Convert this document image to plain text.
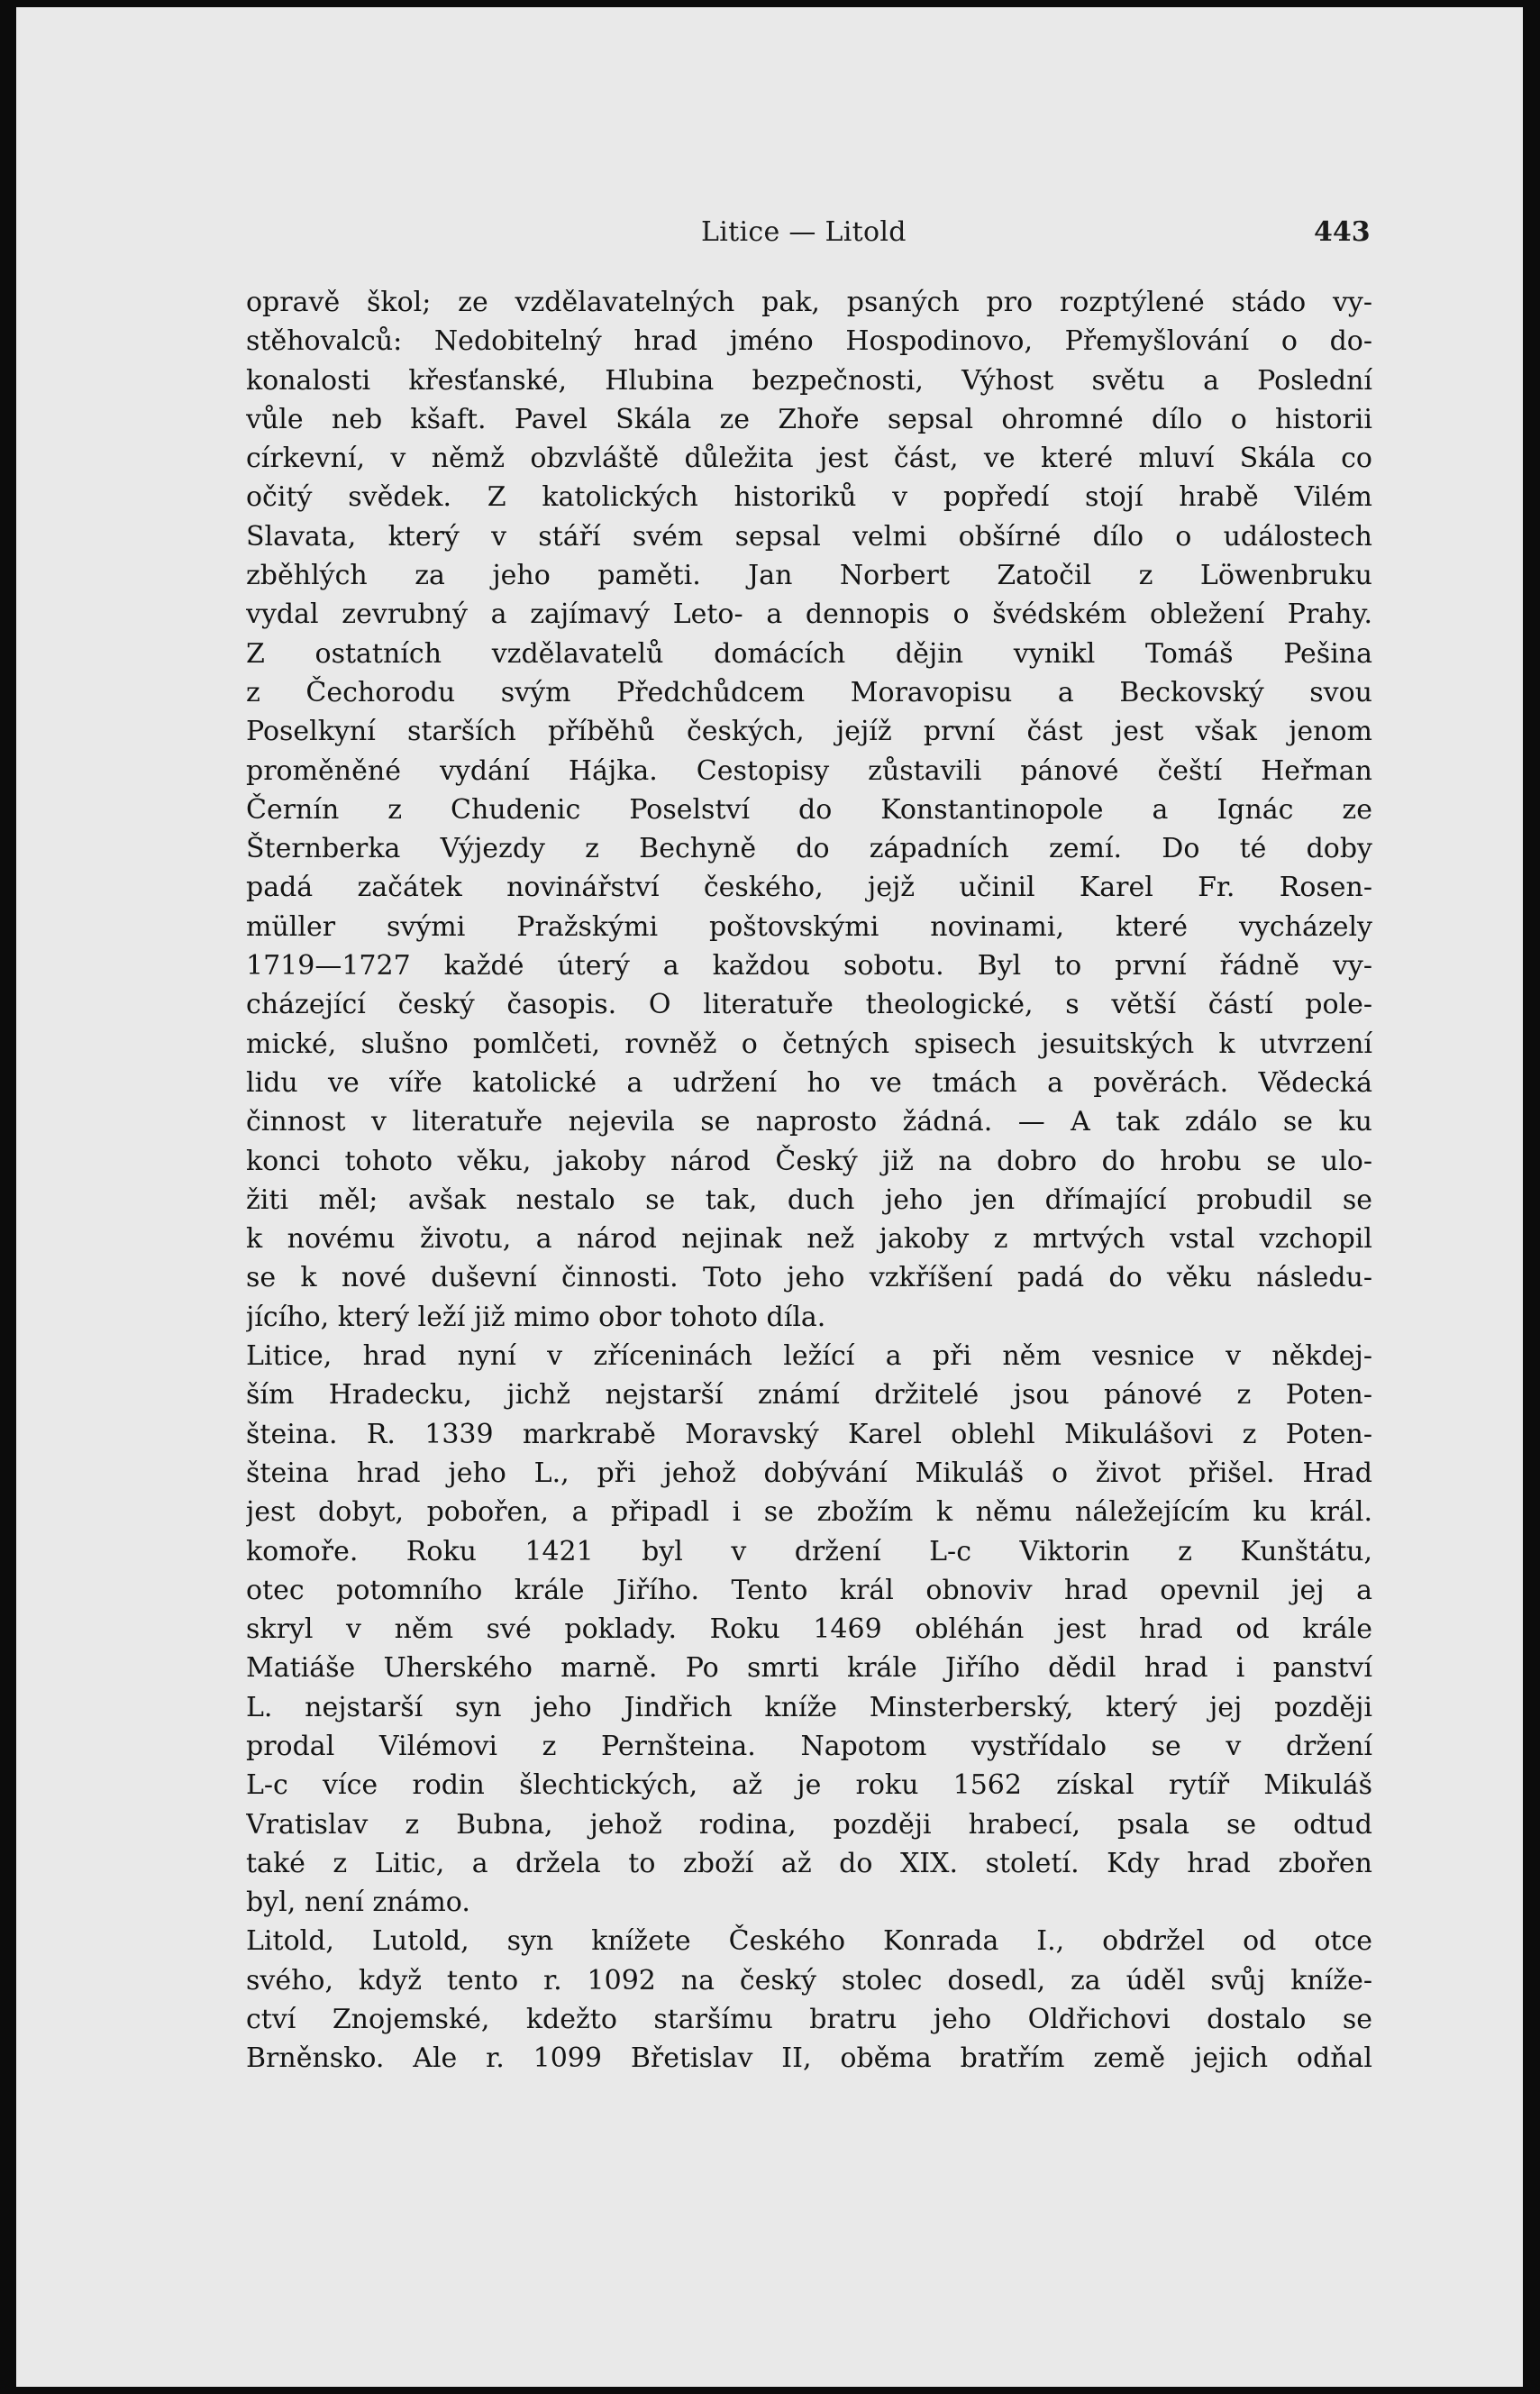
Litice — Litold	443
opravě škol; ze vzdělavatelných pak, psaných pro rozptýlené stádo vy-
stěhovalců: Nedobitelný hrad jméno Hospodinovo, Přemyšlování o do-
konalosti křesťanské, Hlubina bezpečnosti, Výhost světu a Poslední
vůle neb kšaft. Pavel Skála ze Zhoře sepsal ohromné dílo o historii
církevní, v němž obzvláště důležita jest část, ve které mluví Skála co
očitý svědek. Z katolických historiků v popředí stojí hrabě Vilém
Slavata, který v stáří svém sepsal velmi obšírné dílo o událostech
zběhlých za jeho paměti. Jan Norbert Zatočil z Löwenbruku
vydal zevrubný a zajímavý Leto- a dennopis o švédském obležení Prahy.
Z ostatních vzdělavatelů domácích dějin vynikl Tomáš Pešina
z Čechorodu svým Předchůdcem Moravopisu a Beckovský svou
Poselkyní starších příběhů českých, jejíž první část jest však jenom
proměněné vydání Hájka. Cestopisy zůstavili pánové čeští Heřman
Černín z Chudenic Poselství do Konstantinopole a Ignác ze
Šternberka Výjezdy z Bechyně do západních zemí. Do té doby
padá začátek novinářství českého, jejž učinil Karel Fr. Rosen-
müller svými Pražskými poštovskými novinami, které vycházely
1719—1727 každé úterý a každou sobotu. Byl to první řádně vy-
cházející český časopis. O literatuře theologické, s větší částí pole-
mické, slušno pomlčeti, rovněž o četných spisech jesuitských k utvrzení
lidu ve víře katolické a udržení ho ve tmách a pověrách. Vědecká
činnost v literatuře nejevila se naprosto žádná. — A tak zdálo se ku
konci tohoto věku, jakoby národ Český již na dobro do hrobu se ulo-
žiti měl; avšak nestalo se tak, duch jeho jen dřímající probudil se
k novému životu, a národ nejinak než jakoby z mrtvých vstal vzchopil
se k nové duševní činnosti. Toto jeho vzkříšení padá do věku následu-
jícího, který leží již mimo obor tohoto díla.
Litice, hrad nyní v zříceninách ležící a při něm vesnice v někdej-
ším Hradecku, jichž nejstarší známí držitelé jsou pánové z Poten-
šteina. R. 1339 markrabě Moravský Karel oblehl Mikulášovi z Poten-
šteina hrad jeho L., při jehož dobývání Mikuláš o život přišel. Hrad
jest dobyt, pobořen, a připadl i se zbožím k němu náležejícím ku král.
komoře. Roku 1421 byl v držení L-c Viktorin z Kunštátu,
otec potomního krále Jiřího. Tento král obnoviv hrad opevnil jej a
skryl v něm své poklady. Roku 1469 obléhán jest hrad od krále
Matiáše Uherského marně. Po smrti krále Jiřího dědil hrad i panství
L. nejstarší syn jeho Jindřich kníže Minsterberský, který jej později
prodal Vilémovi z Pernšteina. Napotom vystřídalo se v držení
L-c více rodin šlechtických, až je roku 1562 získal rytíř Mikuláš
Vratislav z Bubna, jehož rodina, později hrabecí, psala se odtud
také z Litic, a držela to zboží až do XIX. století. Kdy hrad zbořen
byl, není známo.
Litold, Lutold, syn knížete Českého Konrada I., obdržel od otce
svého, když tento r. 1092 na český stolec dosedl, za úděl svůj kníže-
ctví Znojemské, kdežto staršímu bratru jeho Oldřichovi dostalo se
Brněnsko. Ale r. 1099 Břetislav II, oběma bratřím země jejich odňal
